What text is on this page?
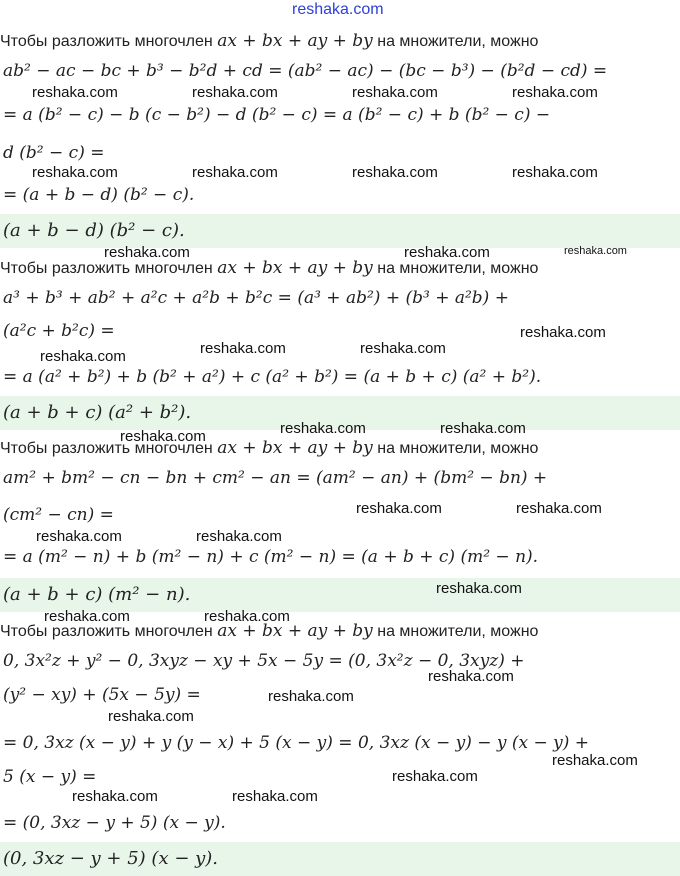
reshaka.com
Чтобы разложить многочлен ax + bx + ay + by на множители, можно
ab² − ac − bc + b³ − b²d + cd = (ab² − ac) − (bc − b³) − (b²d − cd) =
= a (b² − c) − b (c − b²) − d (b² − c) = a (b² − c) + b (b² − c) −
d (b² − c) =
= (a + b − d) (b² − c).
(a + b − d) (b² − c).
Чтобы разложить многочлен ax + bx + ay + by на множители, можно
a³ + b³ + ab² + a²c + a²b + b²c = (a³ + ab²) + (b³ + a²b) +
(a²c + b²c) =
= a (a² + b²) + b (b² + a²) + c (a² + b²) = (a + b + c) (a² + b²).
(a + b + c) (a² + b²).
Чтобы разложить многочлен ax + bx + ay + by на множители, можно
am² + bm² − cn − bn + cm² − an = (am² − an) + (bm² − bn) +
(cm² − cn) =
= a (m² − n) + b (m² − n) + c (m² − n) = (a + b + c) (m² − n).
(a + b + c) (m² − n).
Чтобы разложить многочлен ax + bx + ay + by на множители, можно
0, 3x²z + y² − 0, 3xyz − xy + 5x − 5y = (0, 3x²z − 0, 3xyz) +
(y² − xy) + (5x − 5y) =
= 0, 3xz (x − y) + y (y − x) + 5 (x − y) = 0, 3xz (x − y) − y (x − y) +
5 (x − y) =
= (0, 3xz − y + 5) (x − y).
(0, 3xz − y + 5) (x − y).
reshaka.com	reshaka.com	reshaka.com	reshaka.com
reshaka.com	reshaka.com	reshaka.com	reshaka.com
reshaka.com	reshaka.com	reshaka.com
reshaka.com
reshaka.com	reshaka.com	reshaka.com
reshaka.com	reshaka.com	reshaka.com
reshaka.com	reshaka.com
reshaka.com	reshaka.com
reshaka.com
reshaka.com	reshaka.com
reshaka.com
reshaka.com
reshaka.com
reshaka.com
reshaka.com
reshaka.com	reshaka.com
